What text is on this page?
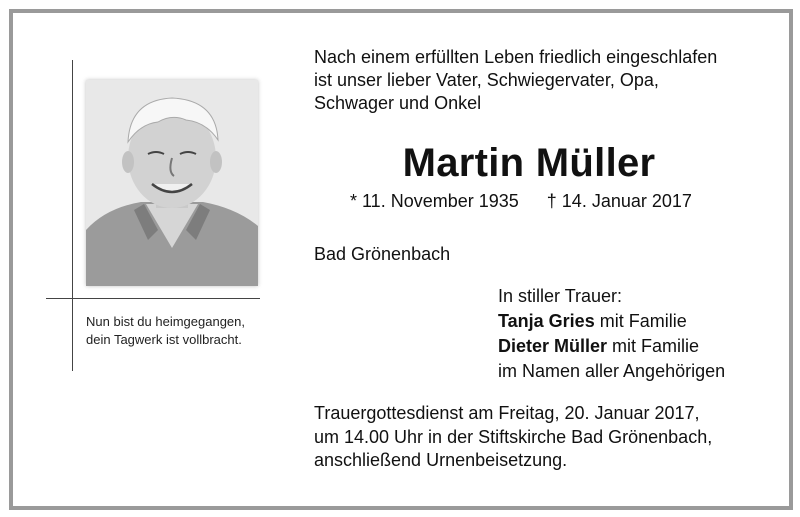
Nun bist du heimgegangen,
dein Tagwerk ist vollbracht.
Nach einem erfüllten Leben friedlich eingeschlafen
ist unser lieber Vater, Schwiegervater, Opa,
Schwager und Onkel
Martin Müller
* 11. November 1935 † 14. Januar 2017
Bad Grönenbach
In stiller Trauer:
Tanja Gries mit Familie
Dieter Müller mit Familie
im Namen aller Angehörigen
Trauergottesdienst am Freitag, 20. Januar 2017,
um 14.00 Uhr in der Stiftskirche Bad Grönenbach,
anschließend Urnenbeisetzung.
